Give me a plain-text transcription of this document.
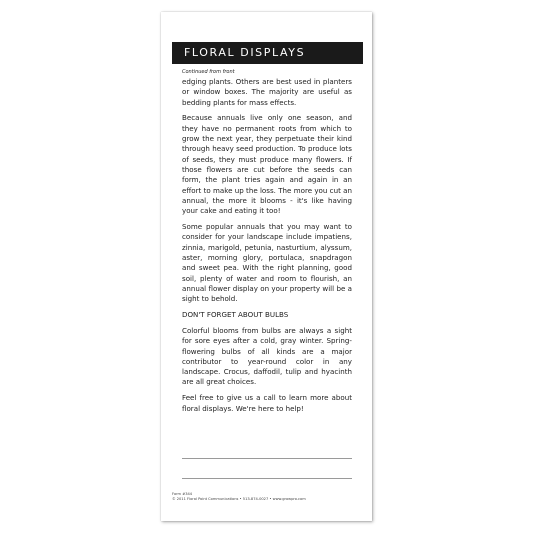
FLORAL DISPLAYS
Continued from front

edging plants. Others are best used in planters or window boxes. The majority are useful as bedding plants for mass effects.

Because annuals live only one season, and they have no permanent roots from which to grow the next year, they perpetuate their kind through heavy seed production. To produce lots of seeds, they must produce many flowers. If those flowers are cut before the seeds can form, the plant tries again and again in an effort to make up the loss. The more you cut an annual, the more it blooms - it's like having your cake and eating it too!

Some popular annuals that you may want to consider for your landscape include impatiens, zinnia, marigold, petunia, nasturtium, alyssum, aster, morning glory, portulaca, snapdragon and sweet pea. With the right planning, good soil, plenty of water and room to flourish, an annual flower display on your property will be a sight to behold.

DON'T FORGET ABOUT BULBS

Colorful blooms from bulbs are always a sight for sore eyes after a cold, gray winter. Spring-flowering bulbs of all kinds are a major contributor to year-round color in any landscape. Crocus, daffodil, tulip and hyacinth are all great choices.

Feel free to give us a call to learn more about floral displays. We're here to help!

Form #344
© 2011 Floral Point Communications • 513-874-0027 • www.growpro.com
